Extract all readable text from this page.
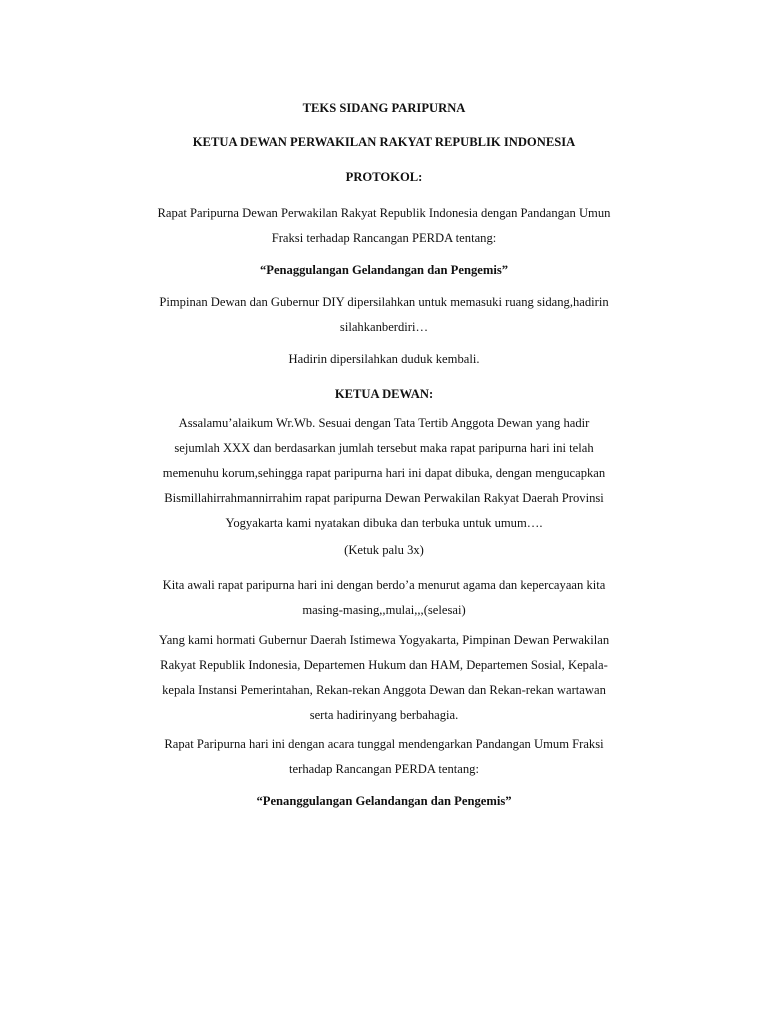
TEKS SIDANG PARIPURNA

KETUA DEWAN PERWAKILAN RAKYAT REPUBLIK INDONESIA

PROTOKOL:

Rapat Paripurna Dewan Perwakilan Rakyat Republik Indonesia dengan Pandangan Umun
Fraksi terhadap Rancangan PERDA tentang:

“Penaggulangan Gelandangan dan Pengemis”

Pimpinan Dewan dan Gubernur DIY dipersilahkan untuk memasuki ruang sidang,hadirin
silahkanberdiri…

Hadirin dipersilahkan duduk kembali.

KETUA DEWAN:

Assalamu’alaikum Wr.Wb. Sesuai dengan Tata Tertib Anggota Dewan yang hadir
sejumlah XXX dan berdasarkan jumlah tersebut maka rapat paripurna hari ini telah
memenuhu korum,sehingga rapat paripurna hari ini dapat dibuka, dengan mengucapkan
Bismillahirrahmannirrahim rapat paripurna Dewan Perwakilan Rakyat Daerah Provinsi
Yogyakarta kami nyatakan dibuka dan terbuka untuk umum….

(Ketuk palu 3x)

Kita awali rapat paripurna hari ini dengan berdo’a menurut agama dan kepercayaan kita
masing-masing,,mulai,,,(selesai)
Yang kami hormati Gubernur Daerah Istimewa Yogyakarta, Pimpinan Dewan Perwakilan
Rakyat Republik Indonesia, Departemen Hukum dan HAM, Departemen Sosial, Kepala-
kepala Instansi Pemerintahan, Rekan-rekan Anggota Dewan dan Rekan-rekan wartawan
serta hadirinyang berbahagia.
Rapat Paripurna hari ini dengan acara tunggal mendengarkan Pandangan Umum Fraksi
terhadap Rancangan PERDA tentang:

“Penanggulangan Gelandangan dan Pengemis”
